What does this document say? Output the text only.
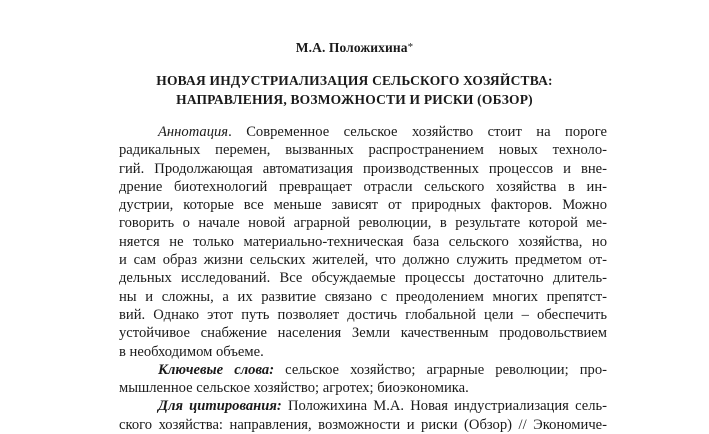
М.А. Положихина*
НОВАЯ ИНДУСТРИАЛИЗАЦИЯ СЕЛЬСКОГО ХОЗЯЙСТВА:
НАПРАВЛЕНИЯ, ВОЗМОЖНОСТИ И РИСКИ (ОБЗОР)
Аннотация. Современное сельское хозяйство стоит на пороге
радикальных перемен, вызванных распространением новых техноло-
гий. Продолжающая автоматизация производственных процессов и вне-
дрение биотехнологий превращает отрасли сельского хозяйства в ин-
дустрии, которые все меньше зависят от природных факторов. Можно
говорить о начале новой аграрной революции, в результате которой ме-
няется не только материально-техническая база сельского хозяйства, но
и сам образ жизни сельских жителей, что должно служить предметом от-
дельных исследований. Все обсуждаемые процессы достаточно длитель-
ны и сложны, а их развитие связано с преодолением многих препятст-
вий. Однако этот путь позволяет достичь глобальной цели – обеспечить
устойчивое снабжение населения Земли качественным продовольствием
в необходимом объеме.
Ключевые слова: сельское хозяйство; аграрные революции; про-
мышленное сельское хозяйство; агротех; биоэкономика.
Для цитирования: Положихина М.А. Новая индустриализация сель-
ского хозяйства: направления, возможности и риски (Обзор) // Экономиче-
